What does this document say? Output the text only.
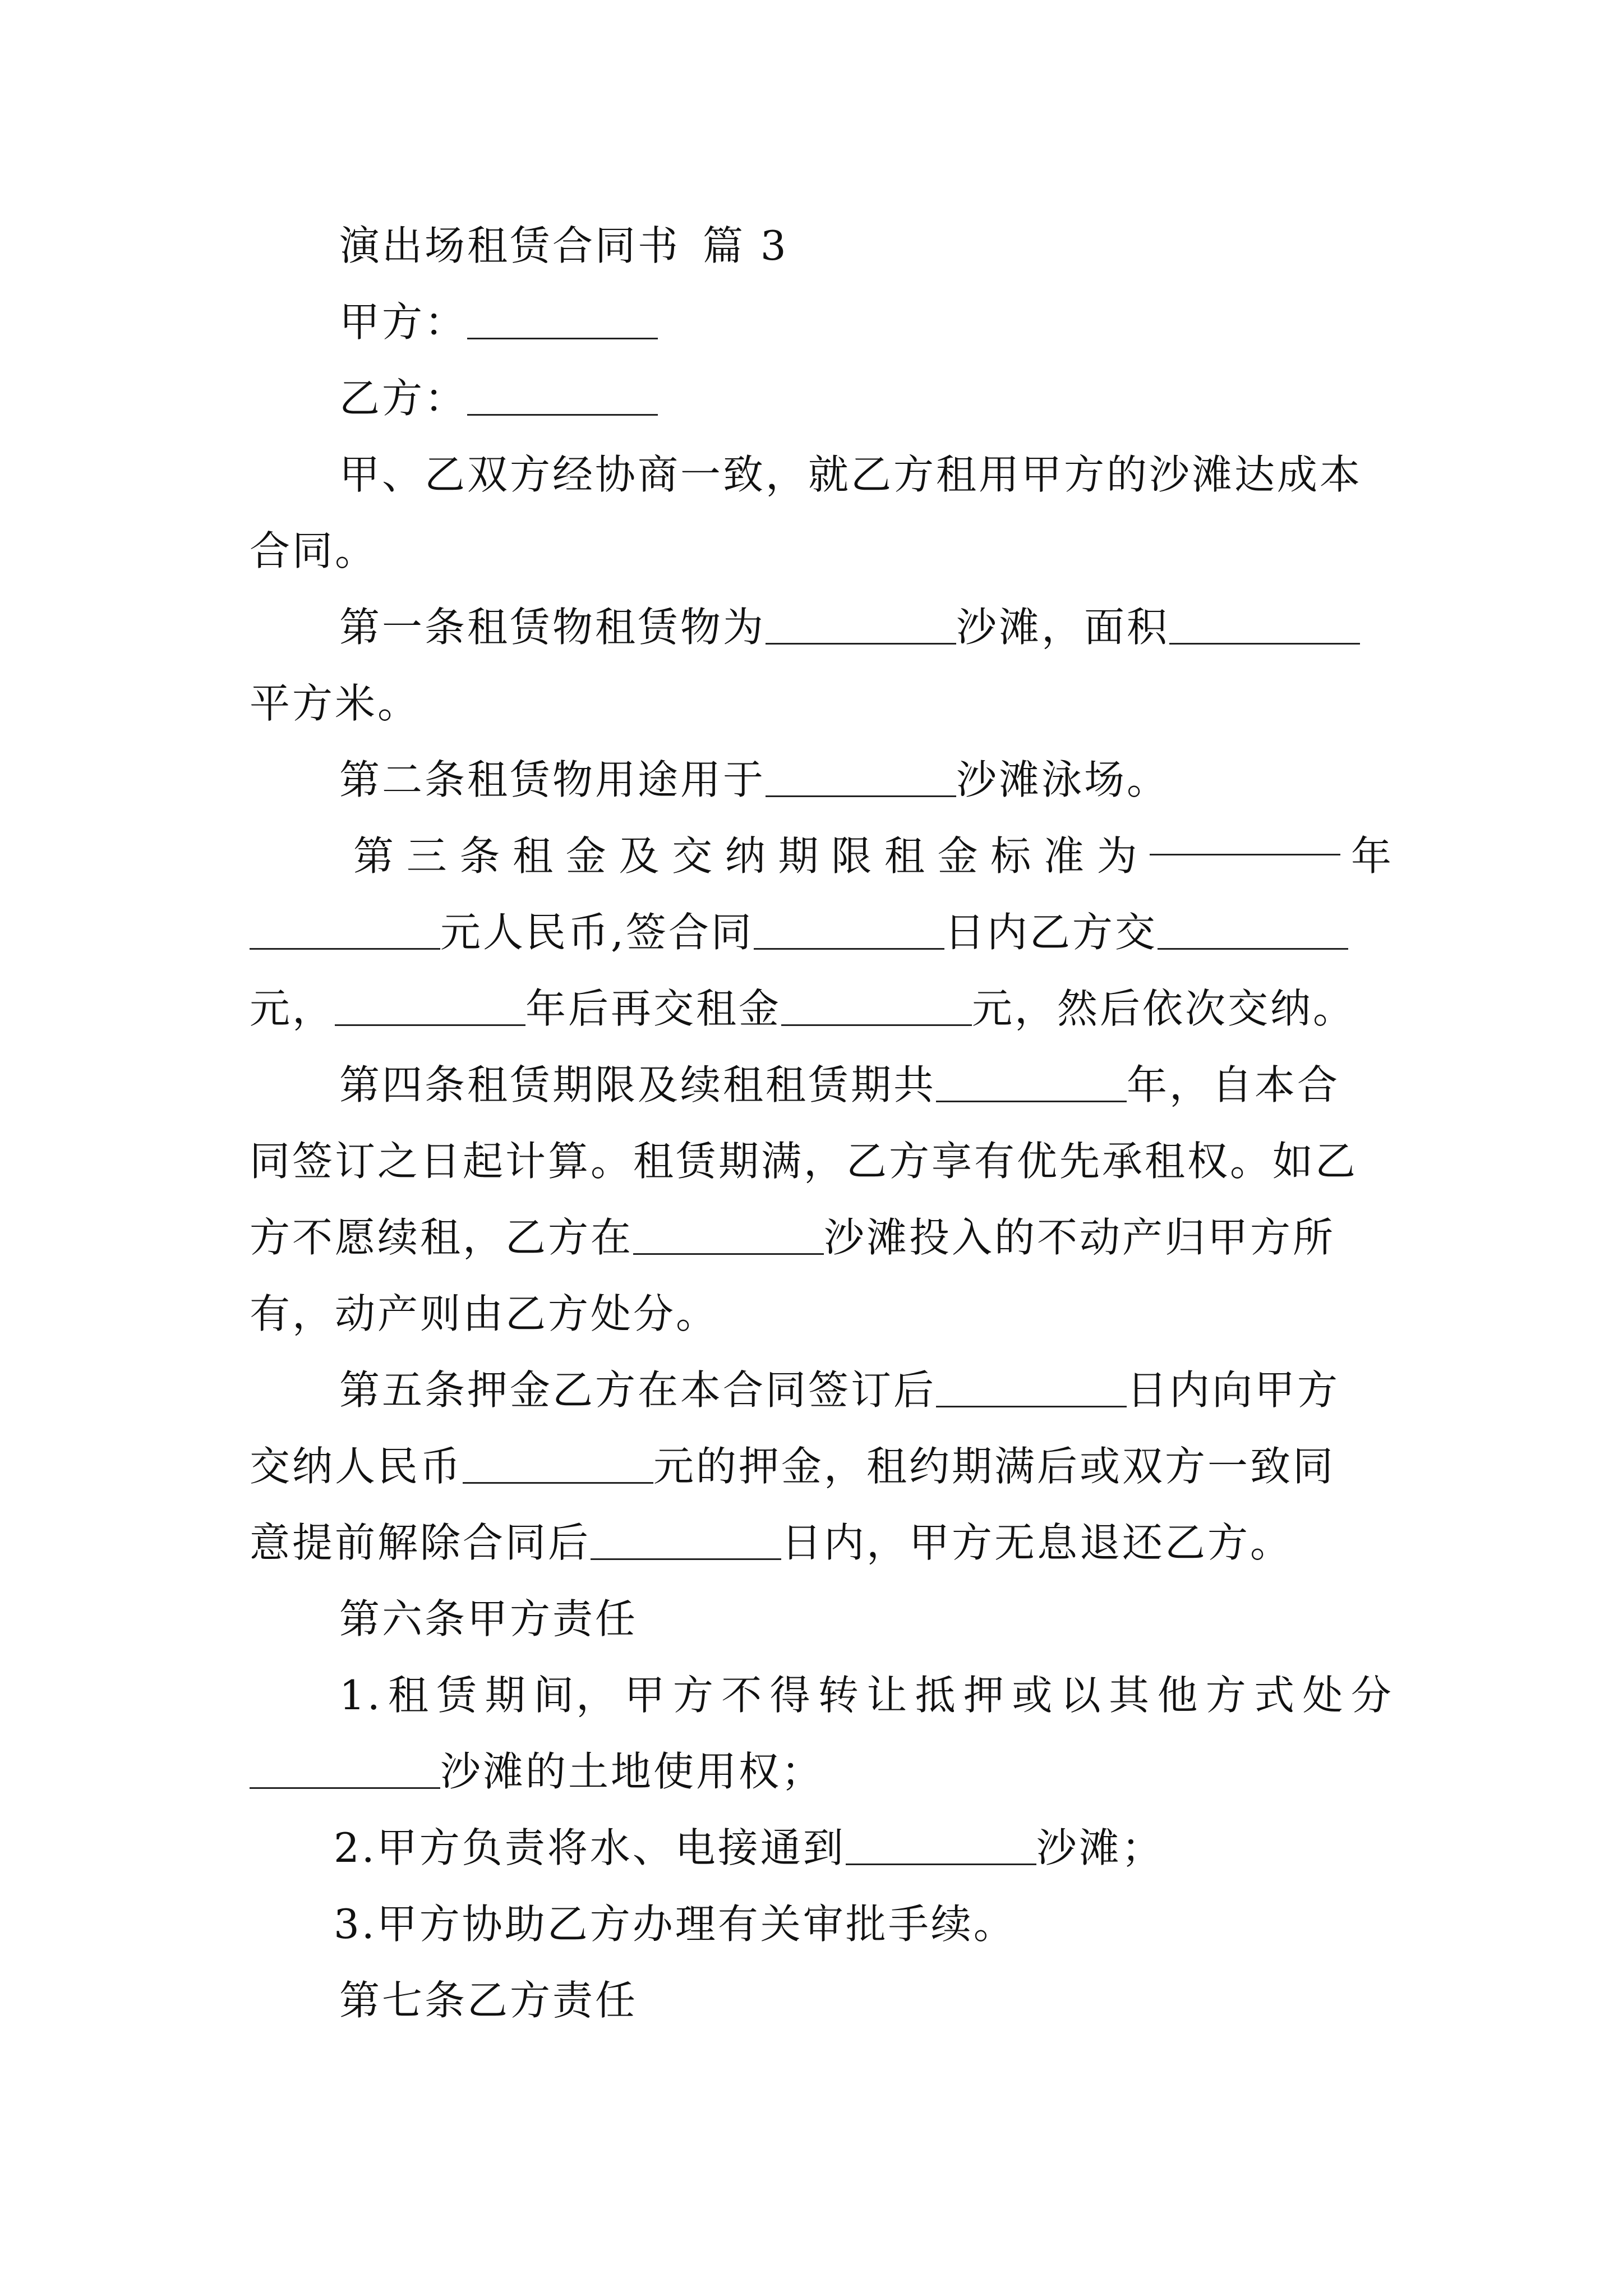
演出场租赁合同书 篇 3
甲方：
乙方：
甲、乙双方经协商一致，就乙方租用甲方的沙滩达成本
合同。
第一条租赁物租赁物为	沙滩，面积
平方米。
第二条租赁物用途用于	沙滩泳场。
第 三 条 租 金 及 交 纳 期 限 租 金 标 准 为	年
元人民币,签合同	日内乙方交
元，	年后再交租金	元，然后依次交纳。
第四条租赁期限及续租租赁期共	年，自本合
同签订之日起计算。租赁期满，乙方享有优先承租权。如乙
方不愿续租，乙方在	沙滩投入的不动产归甲方所
有，动产则由乙方处分。
第五条押金乙方在本合同签订后	日内向甲方
交纳人民币	元的押金，租约期满后或双方一致同
意提前解除合同后	日内，甲方无息退还乙方。
第六条甲方责任
1. 租 赁 期 间， 甲 方 不 得 转 让 抵 押 或 以 其 他 方 式 处 分
沙滩的土地使用权；
2.甲方负责将水、电接通到	沙滩；
3.甲方协助乙方办理有关审批手续。
第七条乙方责任
